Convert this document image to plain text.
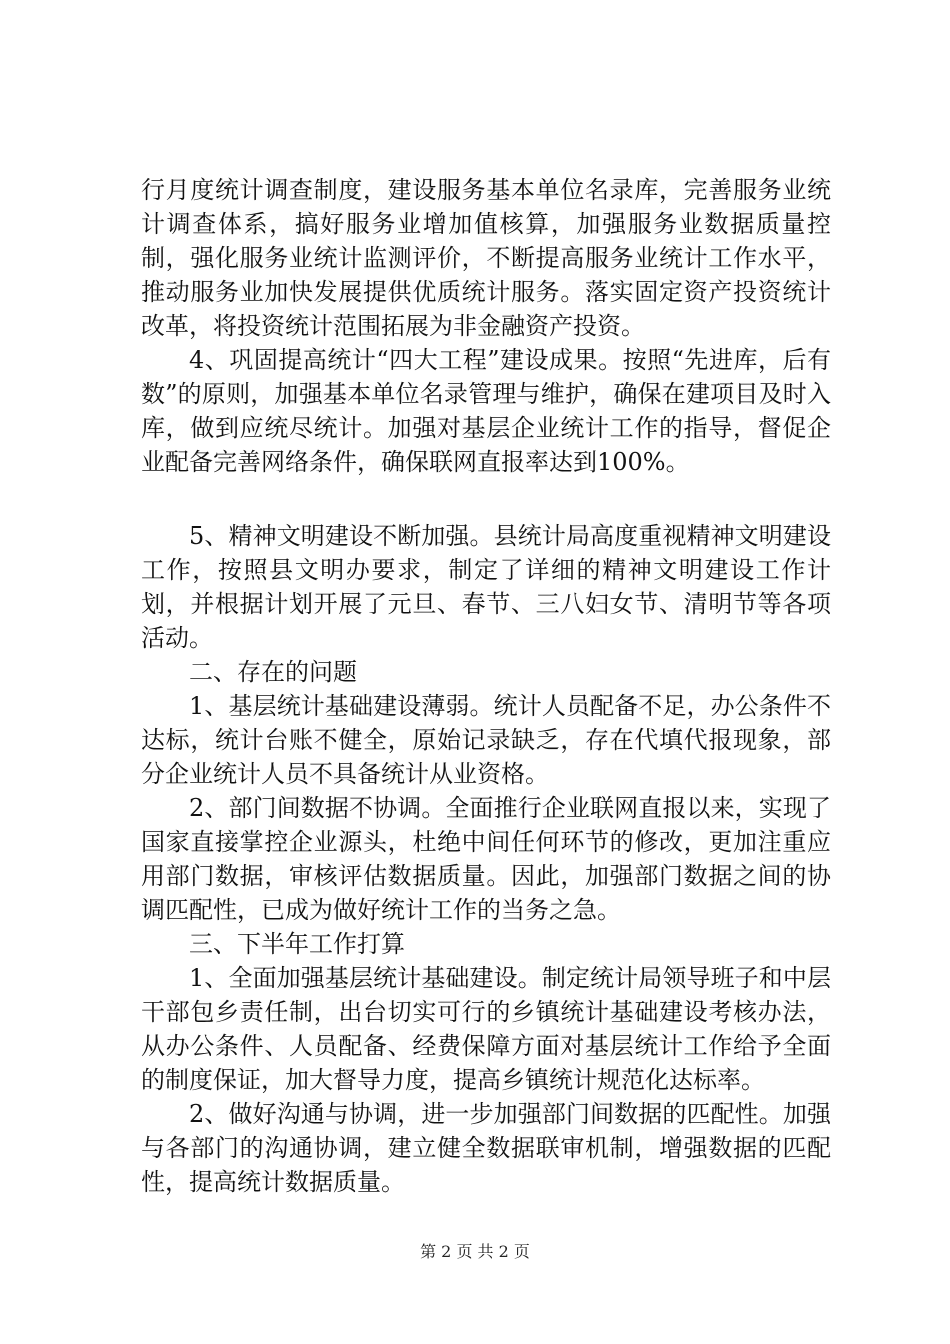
行月度统计调查制度，建设服务基本单位名录库，完善服务业统计调查体系，搞好服务业增加值核算，加强服务业数据质量控制，强化服务业统计监测评价，不断提高服务业统计工作水平，推动服务业加快发展提供优质统计服务。落实固定资产投资统计改革，将投资统计范围拓展为非金融资产投资。

4、巩固提高统计“四大工程”建设成果。按照“先进库，后有数”的原则，加强基本单位名录管理与维护，确保在建项目及时入库，做到应统尽统计。加强对基层企业统计工作的指导，督促企业配备完善网络条件，确保联网直报率达到100%。

5、精神文明建设不断加强。县统计局高度重视精神文明建设工作，按照县文明办要求，制定了详细的精神文明建设工作计划，并根据计划开展了元旦、春节、三八妇女节、清明节等各项活动。

二、存在的问题

1、基层统计基础建设薄弱。统计人员配备不足，办公条件不达标，统计台账不健全，原始记录缺乏，存在代填代报现象，部分企业统计人员不具备统计从业资格。

2、部门间数据不协调。全面推行企业联网直报以来，实现了国家直接掌控企业源头，杜绝中间任何环节的修改，更加注重应用部门数据，审核评估数据质量。因此，加强部门数据之间的协调匹配性，已成为做好统计工作的当务之急。

三、下半年工作打算

1、全面加强基层统计基础建设。制定统计局领导班子和中层干部包乡责任制，出台切实可行的乡镇统计基础建设考核办法，从办公条件、人员配备、经费保障方面对基层统计工作给予全面的制度保证，加大督导力度，提高乡镇统计规范化达标率。

2、做好沟通与协调，进一步加强部门间数据的匹配性。加强与各部门的沟通协调，建立健全数据联审机制，增强数据的匹配性，提高统计数据质量。

第 2 页 共 2 页
